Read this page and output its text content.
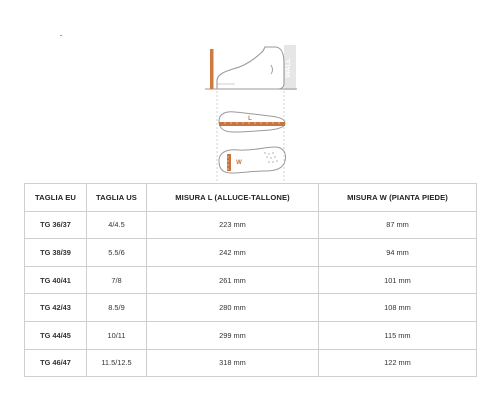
WALL
L
W
TAGLIA EU	TAGLIA US	MISURA L (ALLUCE-TALLONE)	MISURA W (PIANTA PIEDE)
TG 36/37	4/4.5	223 mm	87 mm
TG 38/39	5.5/6	242 mm	94 mm
TG 40/41	7/8	261 mm	101 mm
TG 42/43	8.5/9	280 mm	108 mm
TG 44/45	10/11	299 mm	115 mm
TG 46/47	11.5/12.5	318 mm	122 mm
